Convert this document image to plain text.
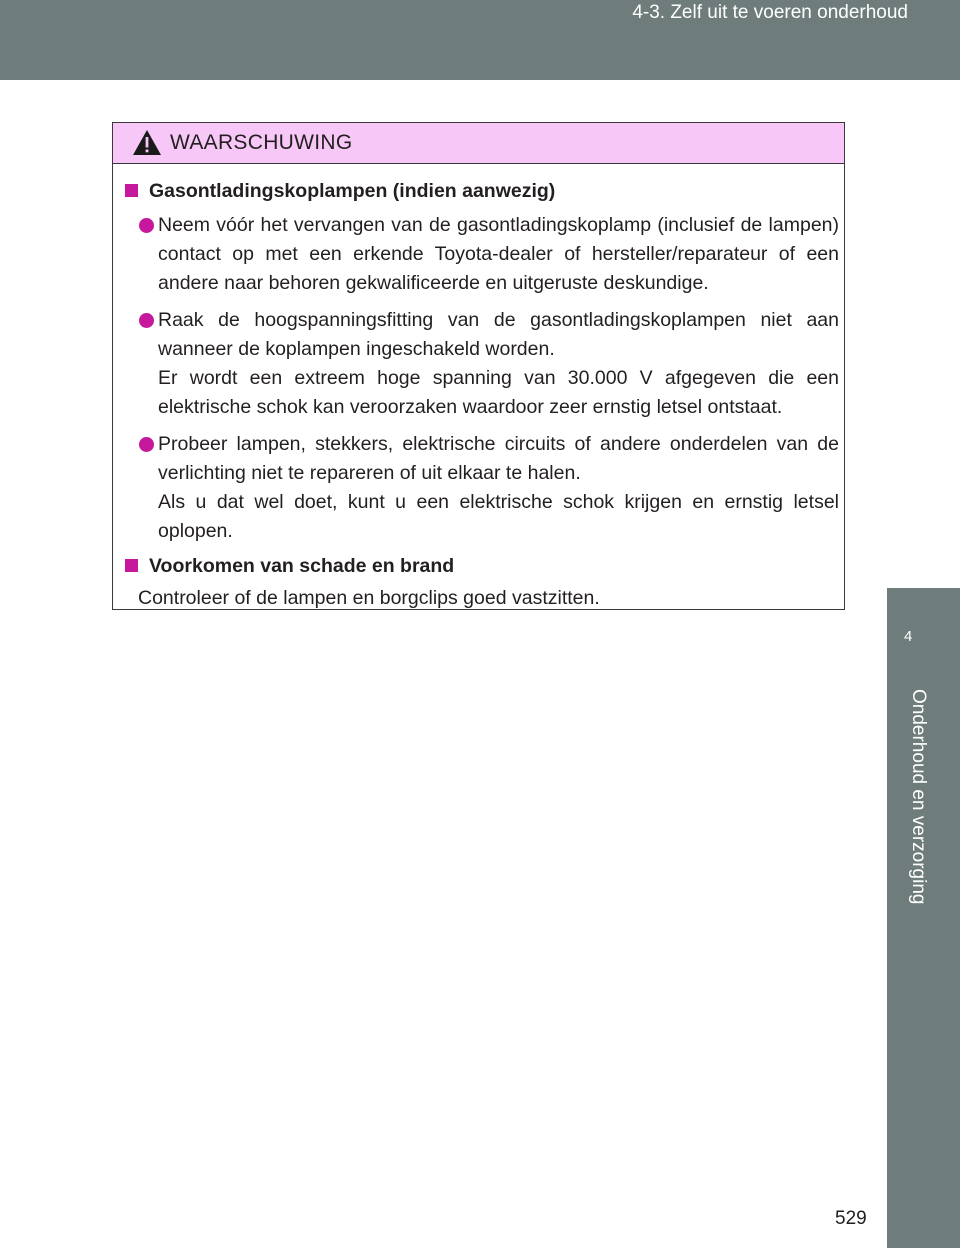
4-3. Zelf uit te voeren onderhoud
4
Onderhoud en verzorging
WAARSCHUWING
Gasontladingskoplampen (indien aanwezig)

Neem vóór het vervangen van de gasontladingskoplamp (inclusief de lampen) contact op met een erkende Toyota-dealer of hersteller/reparateur of een andere naar behoren gekwalificeerde en uitgeruste deskundige.

Raak de hoogspanningsfitting van de gasontladingskoplampen niet aan wanneer de koplampen ingeschakeld worden.

Er wordt een extreem hoge spanning van 30.000 V afgegeven die een elektrische schok kan veroorzaken waardoor zeer ernstig letsel ontstaat.

Probeer lampen, stekkers, elektrische circuits of andere onderdelen van de verlichting niet te repareren of uit elkaar te halen.

Als u dat wel doet, kunt u een elektrische schok krijgen en ernstig letsel oplopen.

Voorkomen van schade en brand
Controleer of de lampen en borgclips goed vastzitten.
529
